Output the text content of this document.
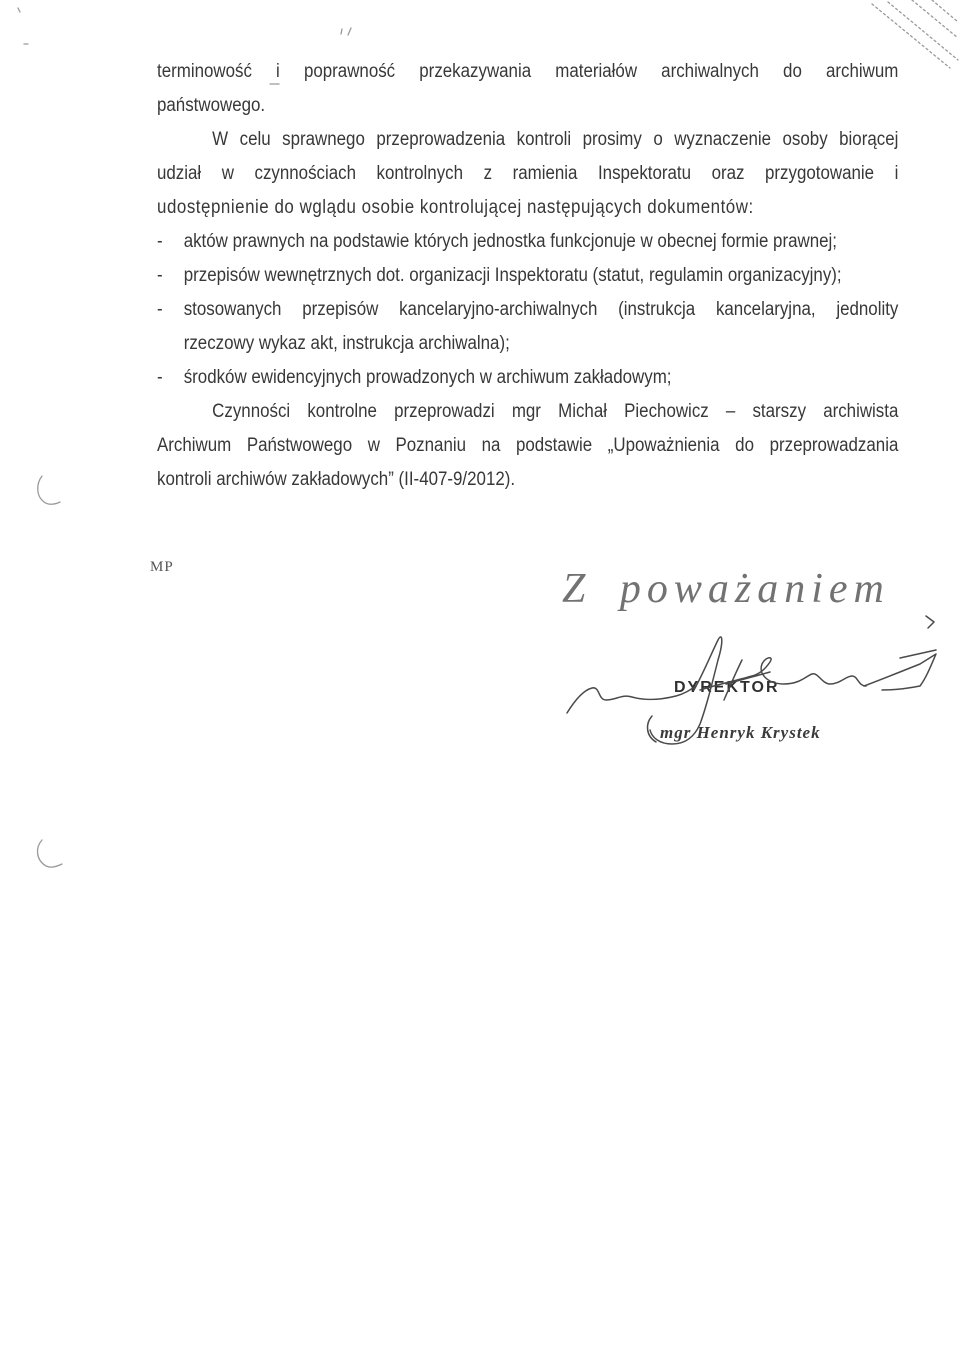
terminowość i poprawność przekazywania materiałów archiwalnych do archiwum
państwowego.
W celu sprawnego przeprowadzenia kontroli prosimy o wyznaczenie osoby biorącej
udział w czynnościach kontrolnych z ramienia Inspektoratu oraz przygotowanie i
udostępnienie do wglądu osobie kontrolującej następujących dokumentów:
- aktów prawnych na podstawie których jednostka funkcjonuje w obecnej formie prawnej;
- przepisów wewnętrznych dot. organizacji Inspektoratu (statut, regulamin organizacyjny);
- stosowanych przepisów kancelaryjno-archiwalnych (instrukcja kancelaryjna, jednolity
rzeczowy wykaz akt, instrukcja archiwalna);
- środków ewidencyjnych prowadzonych w archiwum zakładowym;
Czynności kontrolne przeprowadzi mgr Michał Piechowicz – starszy archiwista
Archiwum Państwowego w Poznaniu na podstawie „Upoważnienia do przeprowadzania
kontroli archiwów zakładowych” (II-407-9/2012).
MP	Z poważaniem
DYREKTOR
mgr Henryk Krystek
